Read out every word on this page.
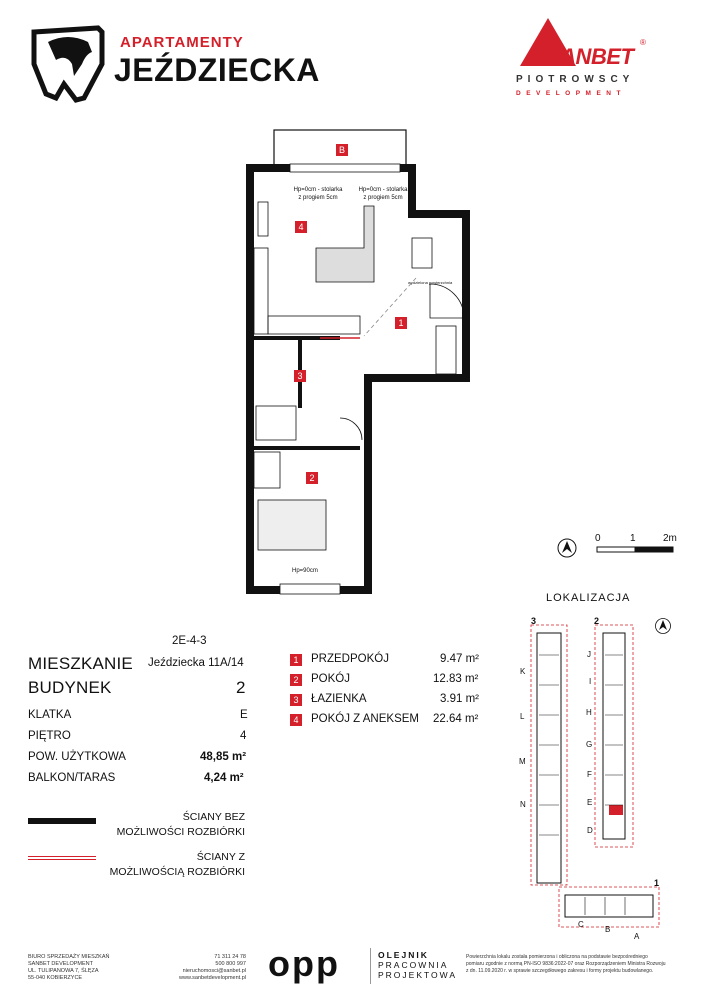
APARTAMENTY
JEŹDZIECKA	SANBET
®
PIOTROWSCY
DEVELOPMENT
B
4
1
3
2
Hp=0cm - stolarka
z progiem 5cm
Hp=0cm - stolarka
z progiem 5cm
wydzielona powierzchnia
Hp=90cm
0	1	2m
2E-4-3
MIESZKANIE Jeździecka 11A/14
BUDYNEK	2
KLATKA	E
PIĘTRO	4
POW. UŻYTKOWA	48,85 m²
BALKON/TARAS	4,24 m²
1	PRZEDPOKÓJ	9.47 m²
2	POKÓJ	12.83 m²
3	ŁAZIENKA	3.91 m²
4	POKÓJ Z ANEKSEM 22.64 m²
ŚCIANY BEZ
MOŻLIWOŚCI ROZBIÓRKI
ŚCIANY Z
MOŻLIWOŚCIĄ ROZBIÓRKI
LOKALIZACJA
3	2
1
K
L
M
N
J
I
H
G
F
E
D
C
B
A
BIURO SPRZEDAŻY MIESZKAŃ
SANBET DEVELOPMENT
UL. TULIPANOWA 7, ŚLĘZA
55-040 KOBIERZYCE
71 311 24 78
500 800 997
nieruchomosci@sanbet.pl
www.sanbetdevelopment.pl opp	OLEJNIK
PRACOWNIA
PROJEKTOWA
Powierzchnia lokalu została pomierzona i obliczona na podstawie bezpośredniego
pomiaru zgodnie z normą PN-ISO 9836:2022-07 oraz Rozporządzeniem Ministra Rozwoju
z dn. 11.09.2020 r. w sprawie szczegółowego zakresu i formy projektu budowlanego.
